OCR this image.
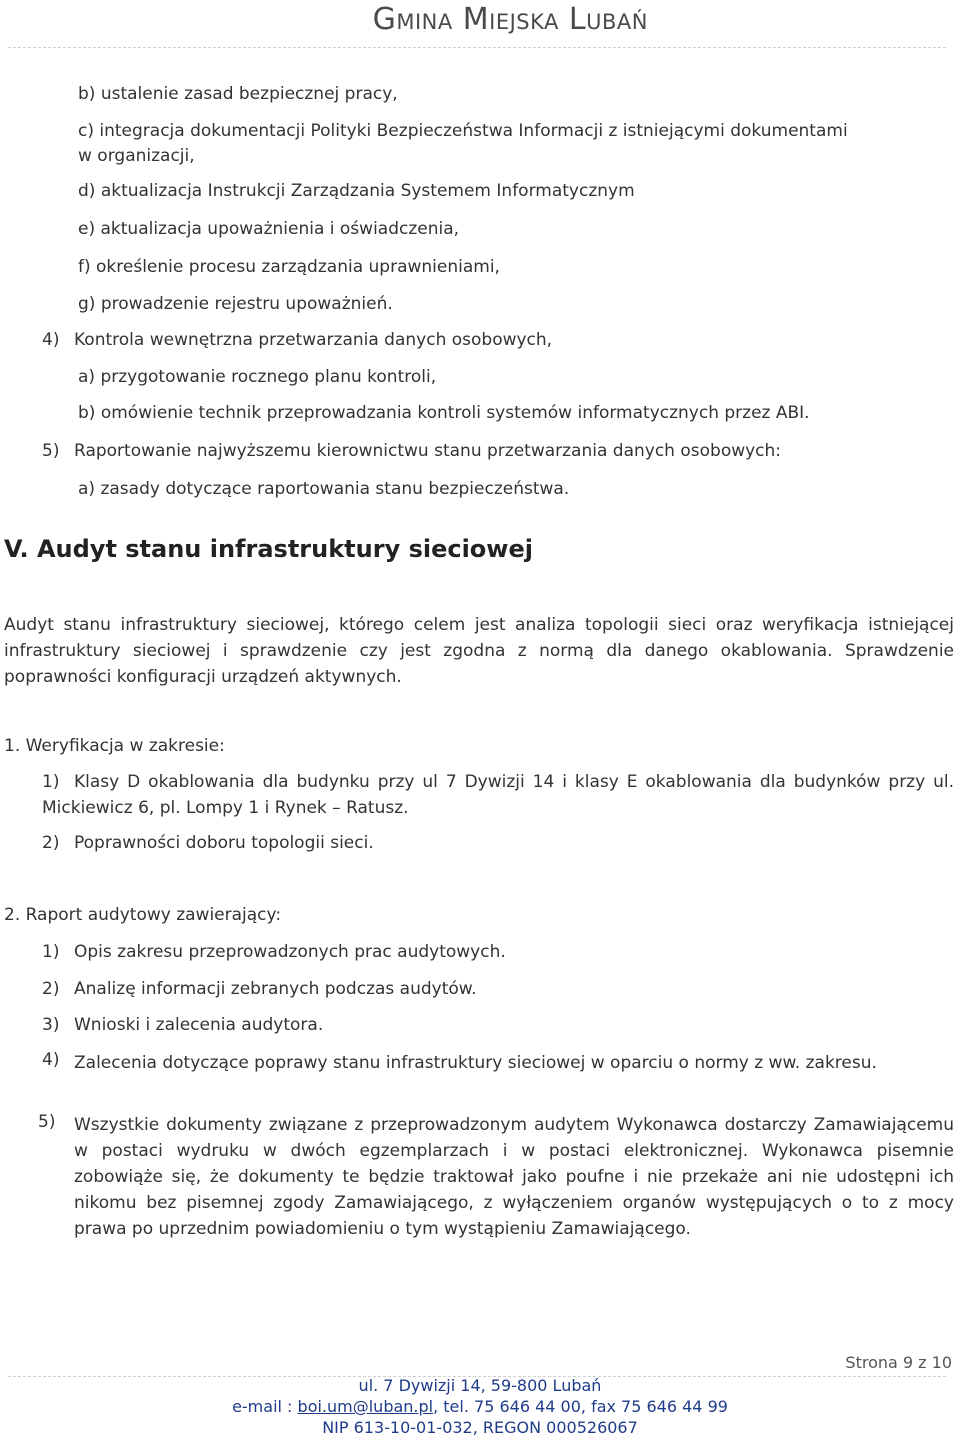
Gmina Miejska Lubań
b) ustalenie zasad bezpiecznej pracy,
c) integracja dokumentacji Polityki Bezpieczeństwa Informacji z istniejącymi dokumentami
w organizacji,
d) aktualizacja Instrukcji Zarządzania Systemem Informatycznym
e) aktualizacja upoważnienia i oświadczenia,
f) określenie procesu zarządzania uprawnieniami,
g) prowadzenie rejestru upoważnień.
4) Kontrola wewnętrzna przetwarzania danych osobowych,
a) przygotowanie rocznego planu kontroli,
b) omówienie technik przeprowadzania kontroli systemów informatycznych przez ABI.
5) Raportowanie najwyższemu kierownictwu stanu przetwarzania danych osobowych:
a) zasady dotyczące raportowania stanu bezpieczeństwa.
V. Audyt stanu infrastruktury sieciowej
Audyt stanu infrastruktury sieciowej, którego celem jest analiza topologii sieci oraz weryfikacja istniejącej infrastruktury sieciowej i sprawdzenie czy jest zgodna z normą dla danego okablowania. Sprawdzenie poprawności konfiguracji urządzeń aktywnych.
1. Weryfikacja w zakresie:
1) Klasy D okablowania dla budynku przy ul 7 Dywizji 14 i klasy E okablowania dla budynków przy ul. Mickiewicz 6, pl. Lompy 1 i Rynek – Ratusz.
2) Poprawności doboru topologii sieci.
2. Raport audytowy zawierający:
1) Opis zakresu przeprowadzonych prac audytowych.
2) Analizę informacji zebranych podczas audytów.
3) Wnioski i zalecenia audytora.
4) Zalecenia dotyczące poprawy stanu infrastruktury sieciowej w oparciu o normy z ww. zakresu.
5) Wszystkie dokumenty związane z przeprowadzonym audytem Wykonawca dostarczy Zamawiającemu w postaci wydruku w dwóch egzemplarzach i w postaci elektronicznej. Wykonawca pisemnie zobowiąże się, że dokumenty te będzie traktował jako poufne i nie przekaże ani nie udostępni ich nikomu bez pisemnej zgody Zamawiającego, z wyłączeniem organów występujących o to z mocy prawa po uprzednim powiadomieniu o tym wystąpieniu Zamawiającego.
Strona 9 z 10
ul. 7 Dywizji 14, 59-800 Lubań
e-mail : boi.um@luban.pl, tel. 75 646 44 00, fax 75 646 44 99
NIP 613-10-01-032, REGON 000526067
